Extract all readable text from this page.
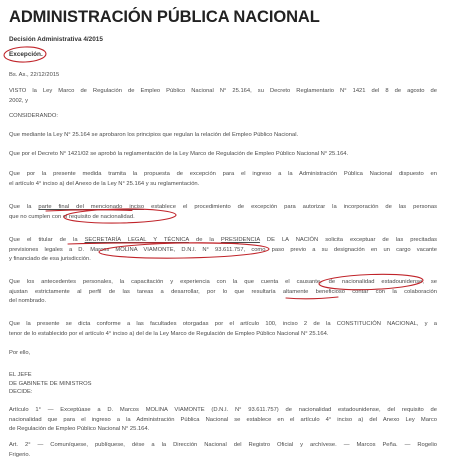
ADMINISTRACIÓN PÚBLICA NACIONAL
Decisión Administrativa 4/2015
Excepción.
Bs. As., 22/12/2015
VISTO la Ley Marco de Regulación de Empleo Público Nacional N° 25.164, su Decreto Reglamentario N° 1421 del 8 de agosto de
2002, y
CONSIDERANDO:
Que mediante la Ley N° 25.164 se aprobaron los principios que regulan la relación del Empleo Público Nacional.
Que por el Decreto N° 1421/02 se aprobó la reglamentación de la Ley Marco de Regulación de Empleo Público Nacional N° 25.164.
Que por la presente medida tramita la propuesta de excepción para el ingreso a la Administración Pública Nacional dispuesto en
el artículo 4° inciso a) del Anexo de la Ley N° 25.164 y su reglamentación.
Que la parte final del mencionado inciso establece el procedimiento de excepción para autorizar la incorporación de las personas
que no cumplen con el requisito de nacionalidad.
Que el titular de la SECRETARÍA LEGAL Y TÉCNICA de la PRESIDENCIA DE LA NACIÓN solicita exceptuar de las precitadas
previsiones legales a D. Marcos MOLINA VIAMONTE, D.N.I. N° 93.611.757, como paso previo a su designación en un cargo vacante
y financiado de esa jurisdicción.
Que los antecedentes personales, la capacitación y experiencia con la que cuenta el causante, de nacionalidad estadounidense, se
ajustan estrictamente al perfil de las tareas a desarrollar, por lo que resultaría altamente beneficioso contar con la colaboración
del nombrado.
Que la presente se dicta conforme a las facultades otorgadas por el artículo 100, inciso 2 de la CONSTITUCIÓN NACIONAL, y a
tenor de lo establecido por el artículo 4° inciso a) del de la Ley Marco de Regulación de Empleo Público Nacional N° 25.164.
Por ello,
EL JEFE
DE GABINETE DE MINISTROS
DECIDE:
Artículo 1° — Exceptúase a D. Marcos MOLINA VIAMONTE (D.N.I. N° 93.611.757) de nacionalidad estadounidense, del requisito de
nacionalidad que para el ingreso a la Administración Pública Nacional se establece en el artículo 4° inciso a) del Anexo Ley Marco
de Regulación de Empleo Público Nacional N° 25.164.
Art. 2° — Comuníquese, publíquese, dése a la Dirección Nacional del Registro Oficial y archívese. — Marcos Peña. — Rogelio
Frigerio.
